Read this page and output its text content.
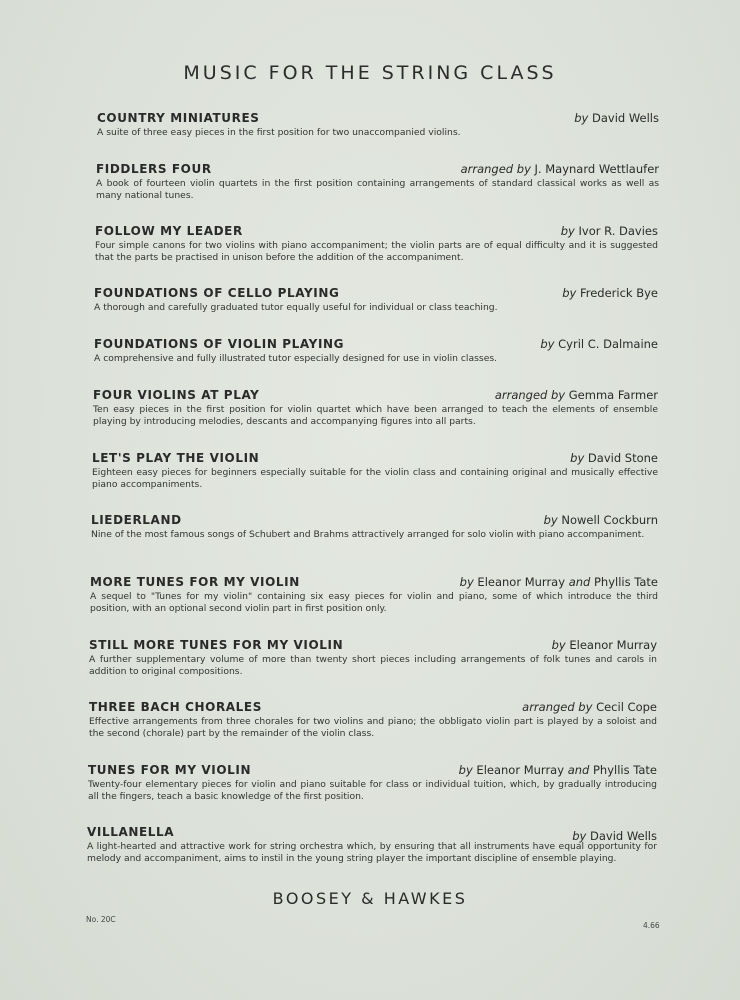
MUSIC FOR THE STRING CLASS
COUNTRY MINIATURES	by David Wells
A suite of three easy pieces in the first position for two unaccompanied violins.
FIDDLERS FOUR	arranged by J. Maynard Wettlaufer
A book of fourteen violin quartets in the first position containing arrangements of standard classical works as well as many national tunes.
FOLLOW MY LEADER	by Ivor R. Davies
Four simple canons for two violins with piano accompaniment; the violin parts are of equal difficulty and it is suggested that the parts be practised in unison before the addition of the accompaniment.
FOUNDATIONS OF CELLO PLAYING	by Frederick Bye
A thorough and carefully graduated tutor equally useful for individual or class teaching.
FOUNDATIONS OF VIOLIN PLAYING	by Cyril C. Dalmaine
A comprehensive and fully illustrated tutor especially designed for use in violin classes.
FOUR VIOLINS AT PLAY	arranged by Gemma Farmer
Ten easy pieces in the first position for violin quartet which have been arranged to teach the elements of ensemble playing by introducing melodies, descants and accompanying figures into all parts.
LET'S PLAY THE VIOLIN	by David Stone
Eighteen easy pieces for beginners especially suitable for the violin class and containing original and musically effective piano accompaniments.
LIEDERLAND	by Nowell Cockburn
Nine of the most famous songs of Schubert and Brahms attractively arranged for solo violin with piano accompaniment.
MORE TUNES FOR MY VIOLIN	by Eleanor Murray and Phyllis Tate
A sequel to "Tunes for my violin" containing six easy pieces for violin and piano, some of which introduce the third position, with an optional second violin part in first position only.
STILL MORE TUNES FOR MY VIOLIN	by Eleanor Murray
A further supplementary volume of more than twenty short pieces including arrangements of folk tunes and carols in addition to original compositions.
THREE BACH CHORALES	arranged by Cecil Cope
Effective arrangements from three chorales for two violins and piano; the obbligato violin part is played by a soloist and the second (chorale) part by the remainder of the violin class.
TUNES FOR MY VIOLIN	by Eleanor Murray and Phyllis Tate
Twenty-four elementary pieces for violin and piano suitable for class or individual tuition, which, by gradually introducing all the fingers, teach a basic knowledge of the first position.
VILLANELLA	by David Wells
A light-hearted and attractive work for string orchestra which, by ensuring that all instruments have equal opportunity for melody and accompaniment, aims to instil in the young string player the important discipline of ensemble playing.
BOOSEY & HAWKES
No. 20C
4.66
